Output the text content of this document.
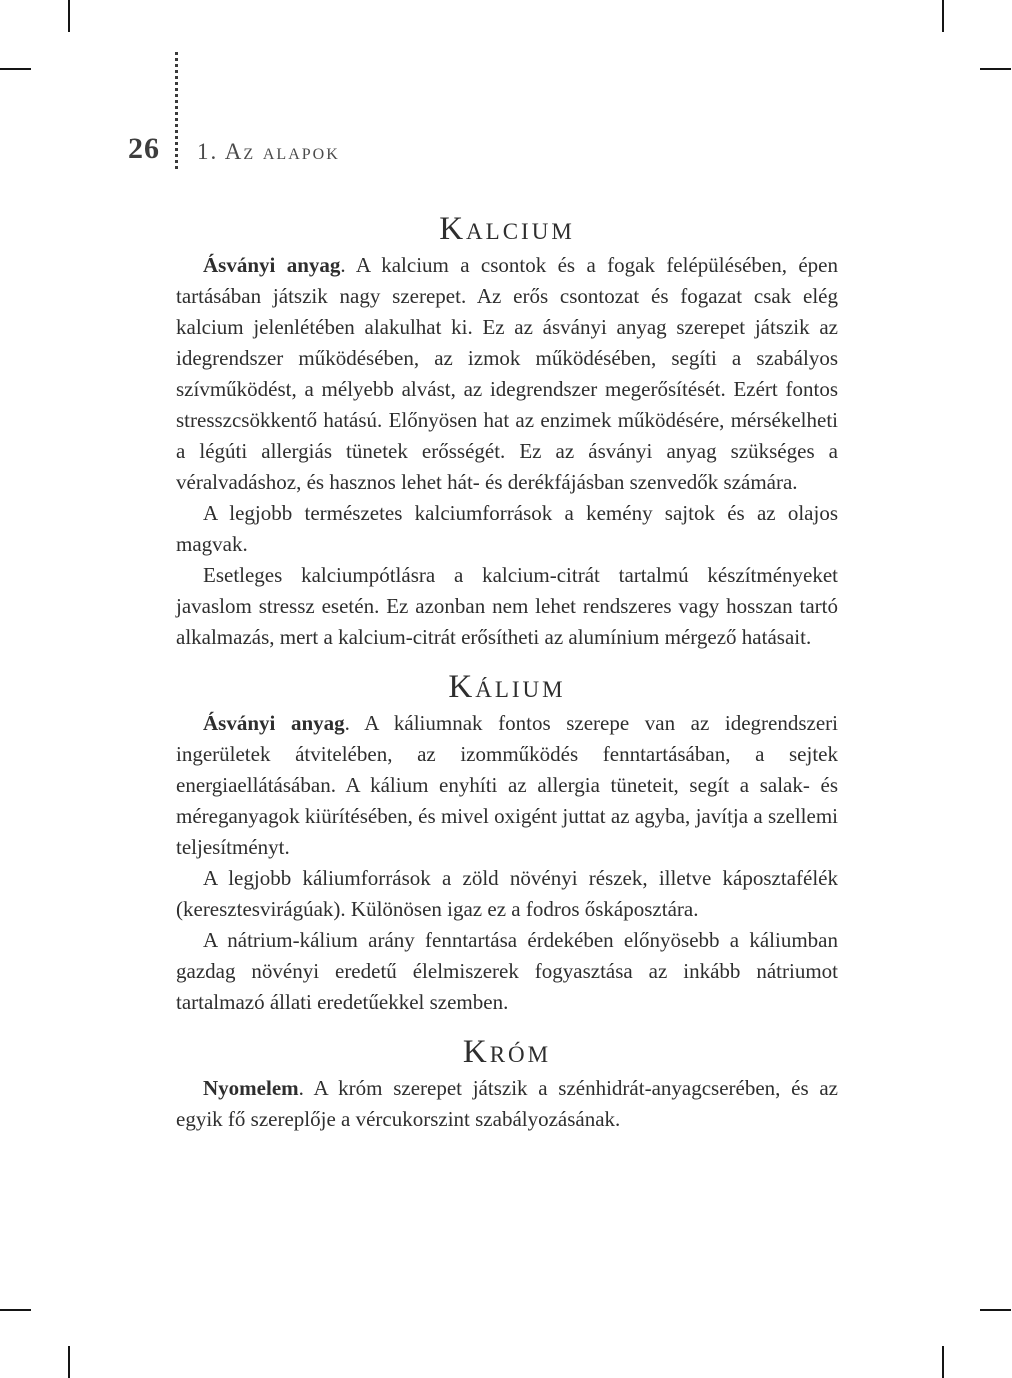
26 1. Az alapok
Kalcium

Ásványi anyag. A kalcium a csontok és a fogak felépülésében, épen tartásában játszik nagy szerepet. Az erős csontozat és fogazat csak elég kalcium jelenlétében alakulhat ki. Ez az ásványi anyag szerepet játszik az idegrendszer működésében, az izmok működésében, segíti a szabályos szívműködést, a mélyebb alvást, az idegrendszer megerősítését. Ezért fontos stresszcsökkentő hatású. Előnyösen hat az enzimek működésére, mérsékelheti a légúti allergiás tünetek erősségét. Ez az ásványi anyag szükséges a véralvadáshoz, és hasznos lehet hát- és derékfájásban szenvedők számára.

A legjobb természetes kalciumforrások a kemény sajtok és az olajos magvak.

Esetleges kalciumpótlásra a kalcium-citrát tartalmú készítményeket javaslom stressz esetén. Ez azonban nem lehet rendszeres vagy hosszan tartó alkalmazás, mert a kalcium-citrát erősítheti az alumínium mérgező hatásait.

Kálium

Ásványi anyag. A káliumnak fontos szerepe van az idegrendszeri ingerületek átvitelében, az izomműködés fenntartásában, a sejtek energiaellátásában. A kálium enyhíti az allergia tüneteit, segít a salak- és méreganyagok kiürítésében, és mivel oxigént juttat az agyba, javítja a szellemi teljesítményt.

A legjobb káliumforrások a zöld növényi részek, illetve káposztafélék (keresztesvirágúak). Különösen igaz ez a fodros őskáposztára.

A nátrium-kálium arány fenntartása érdekében előnyösebb a káliumban gazdag növényi eredetű élelmiszerek fogyasztása az inkább nátriumot tartalmazó állati eredetűekkel szemben.

Króm

Nyomelem. A króm szerepet játszik a szénhidrát-anyagcserében, és az egyik fő szereplője a vércukorszint szabályozásának.
